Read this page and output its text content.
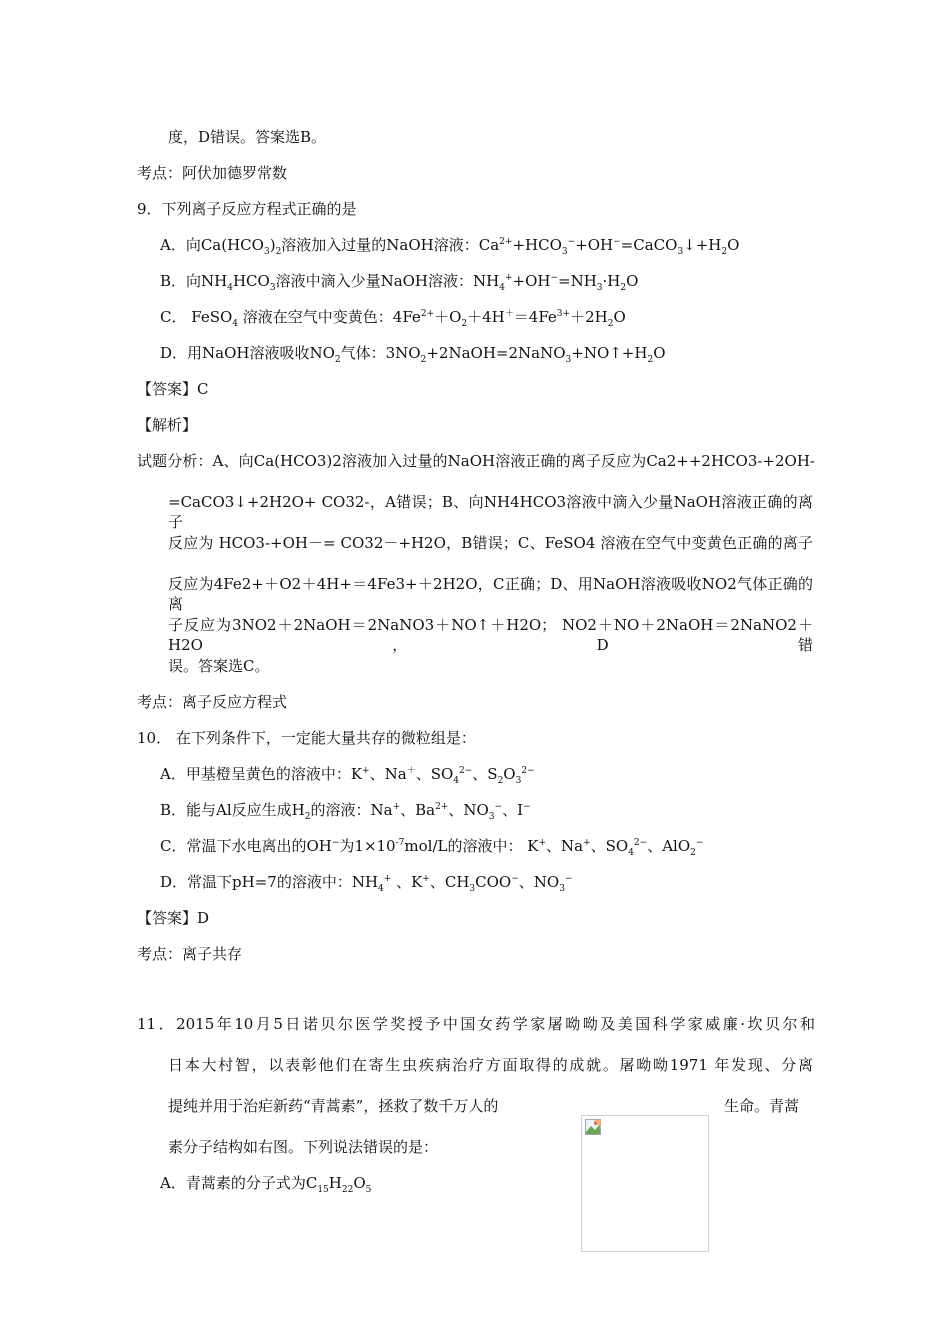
度，D错误。答案选B。
考点：阿伏加德罗常数
9．下列离子反应方程式正确的是
A．向$Ca(HCO_3)_2$溶液加入过量的NaOH溶液：$Ca^{2+}+HCO_3^-+OH^-=CaCO_3↓+H_2O$
B．向$NH_4HCO_3$溶液中滴入少量NaOH溶液：$NH_4^++OH^-=NH_3\cdot H_2O$
C． FeSO$_4$ 溶液在空气中变黄色：$4Fe^{2+}+O_2+4H^+=4Fe^{3+}+2H_2O$
D．用NaOH溶液吸收$NO_2$气体：$3NO_2+2NaOH=2NaNO_3+NO↑+H_2O$
【答案】C
【解析】
试题分析：A、向Ca(HCO3)2溶液加入过量的NaOH溶液正确的离子反应为Ca2++2HCO3-+2OH-
=CaCO3↓+2H2O+ CO32-，A错误；B、向NH4HCO3溶液中滴入少量NaOH溶液正确的离子
反应为 HCO3-+OH－= CO32－+H2O，B错误；C、FeSO4 溶液在空气中变黄色正确的离子
反应为4Fe2+＋O2＋4H+＝4Fe3+＋2H2O，C正确；D、用NaOH溶液吸收NO2气体正确的离
子反应为3NO2＋2NaOH＝2NaNO3＋NO↑＋H2O； NO2＋NO＋2NaOH＝2NaNO2＋H2O，D错
误。答案选C。
考点：离子反应方程式
10． 在下列条件下，一定能大量共存的微粒组是：
A．甲基橙呈黄色的溶液中：K+、Na＋、$SO_4^{2-}$、$S_2O_3^{2-}$
B．能与Al反应生成$H_2$的溶液：Na+、$Ba^{2+}$、$NO_3^-$、I−
C．常温下水电离出的OH−为$1\times 10^{-7}mol/L$的溶液中： K+、Na+、$SO_4^{2-}$、AlO$_2$−
D．常温下pH=7的溶液中：$NH_4^+$ 、K+、$CH_3COO^-$、$NO_3^-$
【答案】D
考点：离子共存
11．2015年10月5日诺贝尔医学奖授予中国女药学家屠呦呦及美国科学家威廉·坎贝尔和
日本大村智，以表彰他们在寄生虫疾病治疗方面取得的成就。屠呦呦1971 年发现、分离
提纯并用于治疟新药“青蒿素”，拯救了数千万人的	生命。青蒿
素分子结构如右图。下列说法错误的是：
A．青蒿素的分子式为$C_{15}H_{22}O_5$
